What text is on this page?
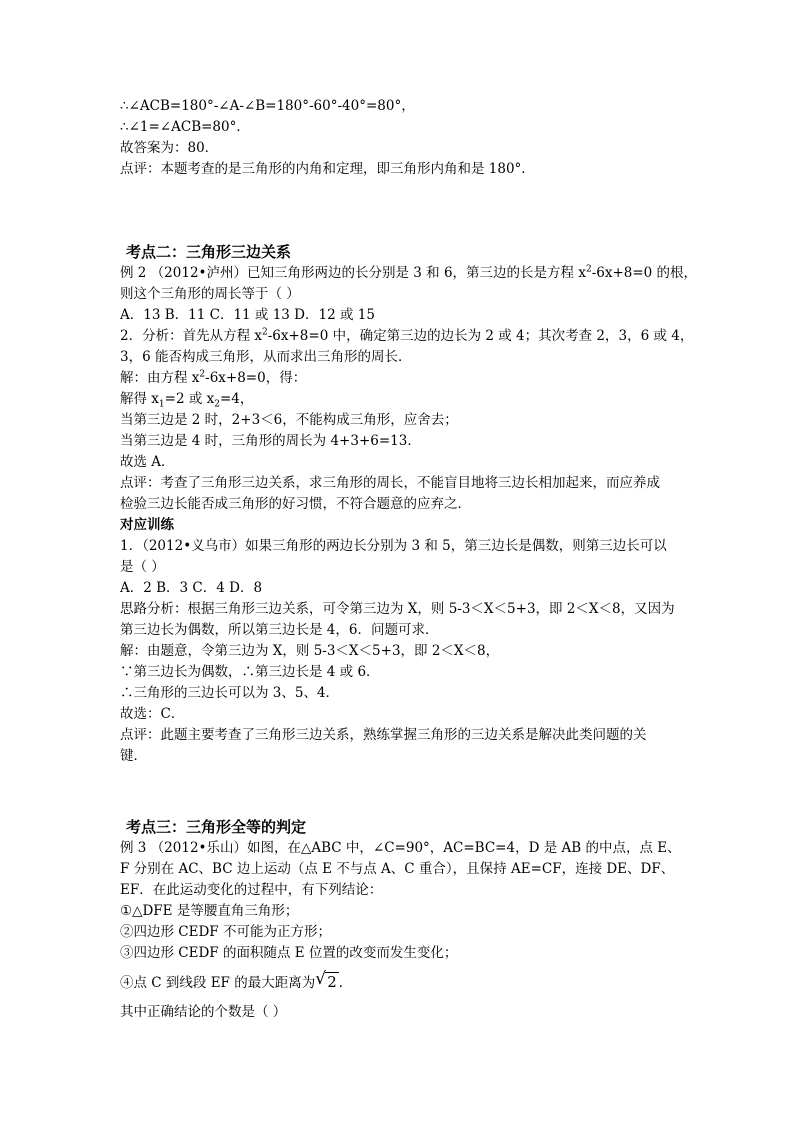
∴∠ACB=180°-∠A-∠B=180°-60°-40°=80°，
∴∠1=∠ACB=80°．
故答案为：80．
点评：本题考查的是三角形的内角和定理，即三角形内角和是 180°．
考点二：三角形三边关系
例 2 （2012•泸州）已知三角形两边的长分别是 3 和 6，第三边的长是方程 $x^2-6x+8=0$ 的根，
则这个三角形的周长等于（ ）
A．13 B．11 C．11 或 13 D．12 或 15
2．分析：首先从方程 $x^2-6x+8=0$ 中，确定第三边的边长为 2 或 4；其次考查 2，3，6 或 4，
3，6 能否构成三角形，从而求出三角形的周长．
解：由方程 $x^2-6x+8=0$，得：
解得 $x_1=2$ 或 $x_2=4$，
当第三边是 2 时，2+3＜6，不能构成三角形，应舍去；
当第三边是 4 时，三角形的周长为 4+3+6=13．
故选 A．
点评：考查了三角形三边关系，求三角形的周长，不能盲目地将三边长相加起来，而应养成
检验三边长能否成三角形的好习惯，不符合题意的应弃之．
对应训练
1．（2012•义乌市）如果三角形的两边长分别为 3 和 5，第三边长是偶数，则第三边长可以
是（ ）
A．2 B．3 C．4 D．8
思路分析：根据三角形三边关系，可令第三边为 X，则 5-3＜X＜5+3，即 2＜X＜8，又因为
第三边长为偶数，所以第三边长是 4，6．问题可求．
解：由题意，令第三边为 X，则 5-3＜X＜5+3，即 2＜X＜8，
∵第三边长为偶数，∴第三边长是 4 或 6．
∴三角形的三边长可以为 3、5、4．
故选：C．
点评：此题主要考查了三角形三边关系，熟练掌握三角形的三边关系是解决此类问题的关
键．
考点三：三角形全等的判定
例 3 （2012•乐山）如图，在△ABC 中，∠C=90°，AC=BC=4，D 是 AB 的中点，点 E、
F 分别在 AC、BC 边上运动（点 E 不与点 A、C 重合），且保持 AE=CF，连接 DE、DF、
EF．在此运动变化的过程中，有下列结论：
①△DFE 是等腰直角三角形；
②四边形 CEDF 不可能为正方形；
③四边形 CEDF 的面积随点 E 位置的改变而发生变化；
④点 C 到线段 EF 的最大距离为 √ 2 ．
其中正确结论的个数是（ ）
